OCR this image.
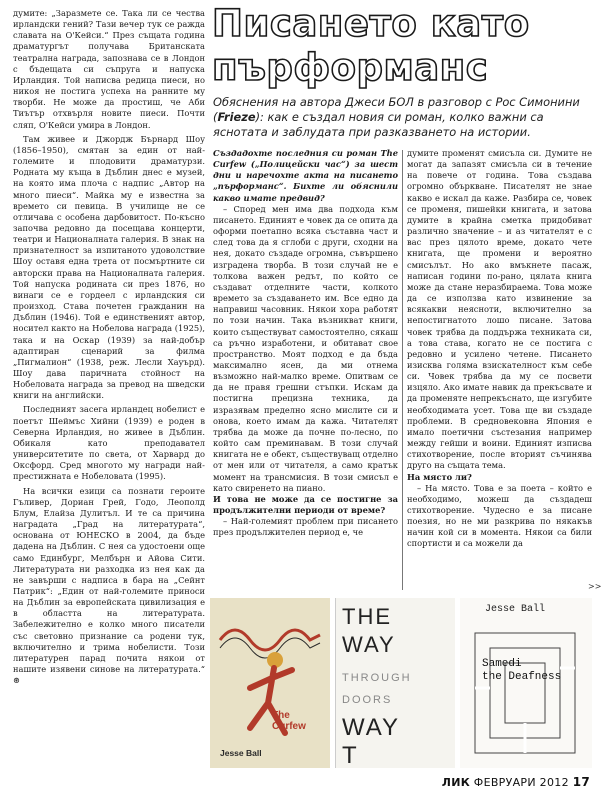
думите: „Заразмете се. Така ли се чества ирландски гений? Тази вечер тук се ражда славата на О'Кейси.“ През същата година драматургът получава Британската театрална награда, запознава се в Лондон с бъдещата си съпруга и напуска Ирландия. Той написва редица пиеси, но никоя не постига успеха на ранните му творби. Не може да простиш, че Аби Тиътър отхвърля новите пиеси. Почти сляп, О'Кейси умира в Лондон.

Там живее и Джордж Бърнард Шоу (1856–1950), смятан за един от най-големите и плодовити драматурзи. Родната му къща в Дъблин днес е музей, на която има плоча с надпис „Автор на много пиеси“. Майка му е известна за времето си певица. В училище не се отличава с особена дарбовитост. По-късно започва редовно да посещава концерти, театри и Националната галерия. В знак на признателност за изпитаното удоволствие Шоу оставя една трета от посмъртните си авторски права на Националната галерия. Той напуска родината си през 1876, но винаги се е гордеел с ирландския си произход. Става почетен гражданин на Дъблин (1946). Той е единственият автор, носител както на Нобелова награда (1925), така и на Оскар (1939) за най-добър адаптиран сценарий за филма „Пигмалион“ (1938, реж. Лесли Хауърд). Шоу дава паричната стойност на Нобеловата награда за превод на шведски книги на английски.

Последният засега ирландец нобелист е поетът Шеймъс Хийни (1939) е роден в Северна Ирландия, но живее в Дъблин. Обикаля като преподавател университетите по света, от Харвард до Оксфорд. Сред многото му награди най-престижната е Нобеловата (1995).

На всички езици са познати героите Гъливер, Дориан Грей, Годо, Леополд Блум, Елайза Дулитъл. И те са причина наградата „Град на литературата“, основана от ЮНЕСКО в 2004, да бъде дадена на Дъблин. С нея са удостоени още само Единбург, Мелбърн и Айова Сити. Литературата ни разходка из нея как да не завърши с надписа в бара на „Сейнт Патрик“: „Един от най-големите приноси на Дъблин за европейската цивилизация е в областта на литературата. Забележително е колко много писатели със световно признание са родени тук, включително и трима нобелисти. Този литературен парад почита някои от нашите изявени синове на литературата.“ ⊛

Писането като пърформанс
Обяснения на автора Джеси БОЛ в разговор с Рос Симонини (Frieze): как е създал новия си роман, колко важни са яснотата и заблудата при разказването на истории.

Създадохте последния си роман The Curfew („Полицейски час“) за шест дни и наречохте акта на писането „пърформанс“. Бихте ли обяснили какво имате предвид?

– Според мен има два подхода към писането. Единият е човек да се опита да оформи поетапно всяка съставна част и след това да я сглоби с други, сходни на нея, докато създаде огромна, съвършено изградена творба. В този случай не е толкова важен редът, по който се създават отделните части, колкото времето за създаването им. Все едно да направиш часовник. Някои хора работят по този начин. Така възникват книги, които съществуват самостоятелно, сякаш са ръчно изработени, и обитават свое пространство. Моят подход е да бъда максимално ясен, да ми отнема възможно най-малко време. Опитвам се да не правя грешни стъпки. Искам да постигна прецизна техника, да изразявам пределно ясно мислите си и онова, което имам да кажа. Читателят трябва да може да почне по-лесно, по който сам преминавам. В този случай книгата не е обект, съществуващ отделно от мен или от читателя, а само кратък момент на трансмисия. В този смисъл е като свиренето на пиано.

И това не може да се постигне за продължителни периоди от време?

– Най-големият проблем при писането през продължителен период е, че

думите променят смисъла си. Думите не могат да запазят смисъла си в течение на повече от година. Това създава огромно объркване. Писателят не знае какво е искал да каже. Разбира се, човек се променя, пишейки книгата, и затова думите в крайна сметка придобиват различно значение – и аз читателят е с вас през цялото време, докато чете книгата, ще промени и вероятно смисълът. Но ако вмъкнете пасаж, написан години по-рано, цялата книга може да стане неразбираема. Това може да се използва като извинение за всякакви неясноти, включително за непостигнатото лошо писане. Затова човек трябва да поддържа техниката си, а това става, когато не се постига с редовно и усилено четене. Писането изисква голяма взискателност към себе си. Човек трябва да му се посвети изцяло. Ако имате навик да прекъсвате и да променяте непрекъснато, ще изгубите необходимата усет. Това ще ви създаде проблеми. В средновековна Япония е имало поетични състезания например между гейши и воини. Единият изписва стихотворение, после вторият съчинява друго на същата тема.

На място ли?

– На място. Това е за поета – който е необходимо, можеш да създадеш стихотворение. Чудесно е за писане поезия, но не ми разкрива по някакъв начин кой си в момента. Някои са били спортисти и са можели да

>>
The
Curfew
Jesse Ball
THE
WAY
THROUGH
DOORS
WAY
T
Jesse Ball
Samedi
the Deafness
ЛИК ФЕВРУАРИ 2012 17
